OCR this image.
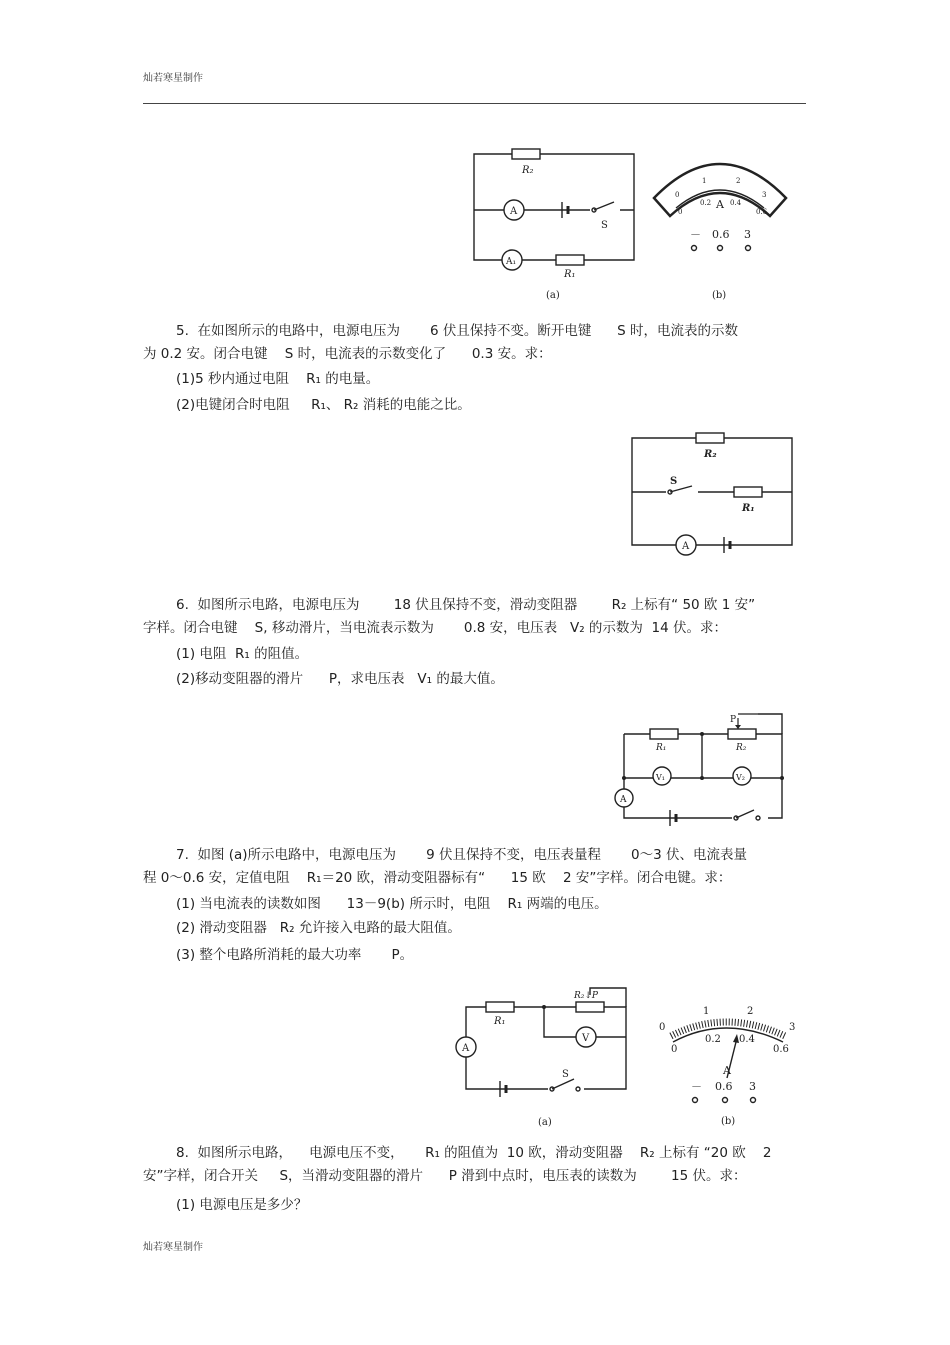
灿若寒星制作
R₂
A
S
A₁
R₁
(a)
0
1	2
3
0
0.2	0.4
0.6
A
－ 0.6 3
(b)
5.  在如图所示的电路中，电源电压为       6 伏且保持不变。断开电键      S 时，电流表的示数
为 0.2 安。闭合电键    S 时，电流表的示数变化了      0.3 安。求：
(1)5 秒内通过电阻    R₁ 的电量。
(2)电键闭合时电阻     R₁、 R₂ 消耗的电能之比。
R₂
S
R₁
A
6.  如图所示电路，电源电压为        18 伏且保持不变，滑动变阻器        R₂ 上标有“ 50 欧 1 安”
字样。闭合电键    S, 移动滑片，当电流表示数为       0.8 安，电压表   V₂ 的示数为  14 伏。求：
(1) 电阻  R₁ 的阻值。
(2)移动变阻器的滑片      P，求电压表   V₁ 的最大值。
R₁	R₂
P
V₁	V₂
A
7.  如图 (a)所示电路中，电源电压为       9 伏且保持不变，电压表量程       0～3 伏、电流表量
程 0～0.6 安，定值电阻    R₁＝20 欧，滑动变阻器标有“      15 欧    2 安”字样。闭合电键。求：
(1) 当电流表的读数如图      13－9(b) 所示时，电阻    R₁ 两端的电压。
(2) 滑动变阻器   R₂ 允许接入电路的最大阻值。
(3) 整个电路所消耗的最大功率       P。
R₁
R₂↓P
V
A
S
(a)
0
1	2
3
0
0.2 0.4
0.6
A
－ 0.6 3
(b)
8.  如图所示电路，    电源电压不变，     R₁ 的阻值为  10 欧，滑动变阻器    R₂ 上标有 “20 欧    2
安”字样，闭合开关     S，当滑动变阻器的滑片      P 滑到中点时，电压表的读数为        15 伏。求：
(1) 电源电压是多少？
灿若寒星制作
